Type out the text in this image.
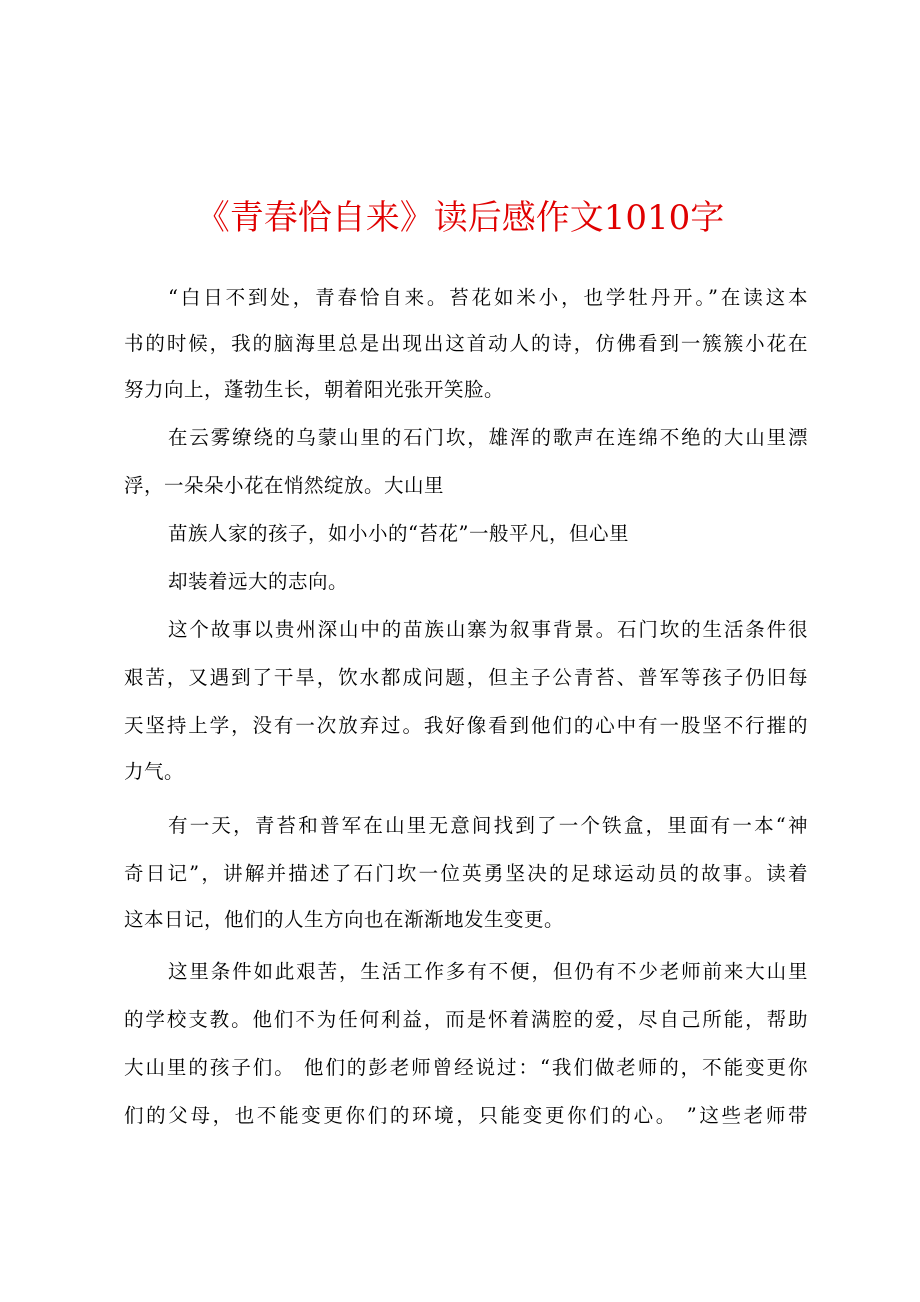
《青春恰自来》读后感作文1010字
“白日不到处，青春恰自来。苔花如米小，也学牡丹开。”在读这本
书的时候，我的脑海里总是出现出这首动人的诗，仿佛看到一簇簇小花在
努力向上，蓬勃生长，朝着阳光张开笑脸。
在云雾缭绕的乌蒙山里的石门坎，雄浑的歌声在连绵不绝的大山里漂
浮，一朵朵小花在悄然绽放。大山里
苗族人家的孩子，如小小的“苔花”一般平凡，但心里
却装着远大的志向。
这个故事以贵州深山中的苗族山寨为叙事背景。石门坎的生活条件很
艰苦，又遇到了干旱，饮水都成问题，但主子公青苔、普军等孩子仍旧每
天坚持上学，没有一次放弃过。我好像看到他们的心中有一股坚不行摧的
力气。
有一天，青苔和普军在山里无意间找到了一个铁盒，里面有一本“神
奇日记”，讲解并描述了石门坎一位英勇坚决的足球运动员的故事。读着
这本日记，他们的人生方向也在渐渐地发生变更。
这里条件如此艰苦，生活工作多有不便，但仍有不少老师前来大山里
的学校支教。他们不为任何利益，而是怀着满腔的爱，尽自己所能，帮助
大山里的孩子们。 他们的彭老师曾经说过：“我们做老师的，不能变更你
们的父母，也不能变更你们的环境，只能变更你们的心。 ”这些老师带
